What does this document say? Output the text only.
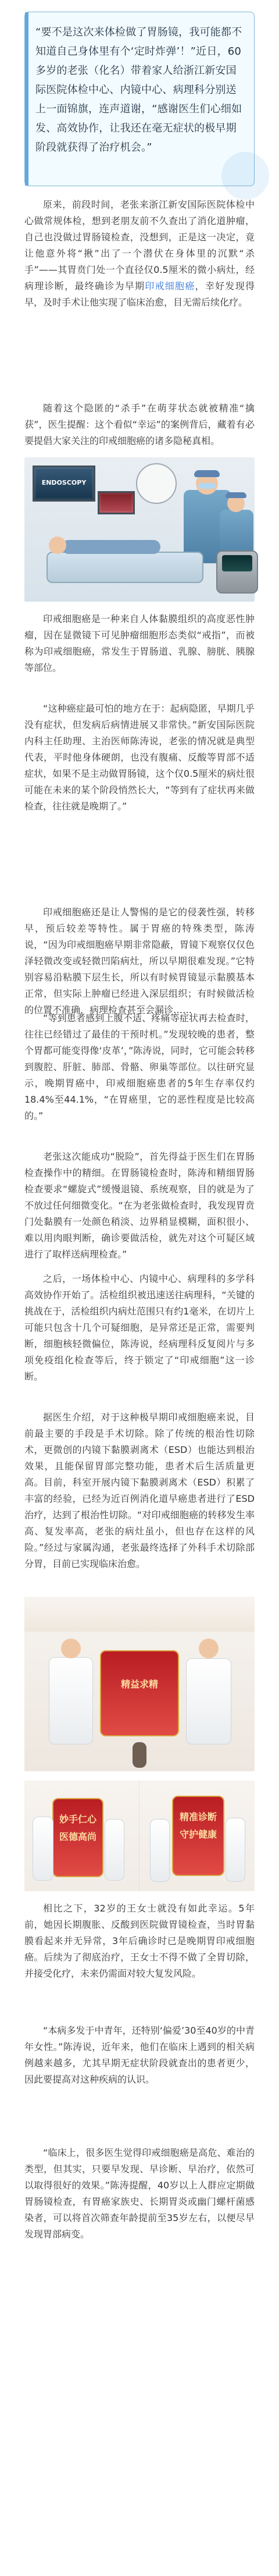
“要不是这次来体检做了胃肠镜，我可能都不知道自己身体里有个‘定时炸弹’！”近日，60多岁的老张（化名）带着家人给浙江新安国际医院体检中心、内镜中心、病理科分别送上一面锦旗，连声道谢，“感谢医生们心细如发、高效协作，让我还在毫无症状的极早期阶段就获得了治疗机会。”

原来，前段时间，老张来浙江新安国际医院体检中心做常规体检，想到老朋友前不久查出了消化道肿瘤，自己也没做过胃肠镜检查，没想到，正是这一决定，竟让他意外将“揪”出了一个潜伏在身体里的沉默“杀手”——其胃贲门处一个直径仅0.5厘米的微小病灶，经病理诊断，最终确诊为早期印戒细胞癌，幸好发现得早，及时手术让他实现了临床治愈，目无需后续化疗。

随着这个隐匿的“杀手”在萌芽状态就被精准“擒获”，医生提醒：这个看似“幸运”的案例背后，藏着有必要提倡大家关注的印戒细胞癌的诸多隐秘真相。

ENDOSCOPY

印戒细胞癌是一种来自人体黏膜组织的高度恶性肿瘤，因在显微镜下可见肿瘤细胞形态类似“戒指”，而被称为印戒细胞癌，常发生于胃肠道、乳腺、膀胱、胰腺等部位。

“这种癌症最可怕的地方在于：起病隐匿，早期几乎没有症状，但发病后病情进展又非常快。”新安国际医院内科主任助理、主治医师陈涛说，老张的情况就是典型代表，平时他身体硬朗，也没有腹痛、反酸等胃部不适症状，如果不是主动做胃肠镜，这个仅0.5厘米的病灶很可能在未来的某个阶段悄然长大，“等到有了症状再来做检查，往往就是晚期了。”

印戒细胞癌还是让人警惕的是它的侵袭性强，转移早，预后较差等特性。属于胃癌的特殊类型，陈涛说，“因为印戒细胞癌早期非常隐蔽，胃镜下观察仅仅色泽轻微改变或轻微凹陷病灶，所以早期很难发现。”它特别容易沿粘膜下层生长，所以有时候胃镜显示黏膜基本正常，但实际上肿瘤已经进入深层组织；有时候做活检的位置不准确，病理检查甚至会漏诊……

“等到患者感到上腹不适、疼痛等症状再去检查时，往往已经错过了最佳的干预时机。”发现较晚的患者，整个胃都可能变得像‘皮革’，”陈涛说，同时，它可能会转移到腹腔、肝脏、肺部、骨骼、卵巢等部位。以往研究显示，晚期胃癌中，印戒细胞癌患者的5年生存率仅约18.4%至44.1%，“在胃癌里，它的恶性程度是比较高的。”

老张这次能成功“脱险”，首先得益于医生们在胃肠检查操作中的精细。在胃肠镜检查时，陈涛和精细胃肠检查要求“螺旋式”缓慢退镜、系统观察，目的就是为了不放过任何细微变化。“在为老张做检查时，我发现胃贲门处黏膜有一处颜色稍淡、边界稍显模糊，面积很小、难以用肉眼判断，确诊要做活检，就先对这个可疑区域进行了取样送病理检查。”

之后，一场体检中心、内镜中心、病理科的多学科高效协作开始了。活检组织被迅速送往病理科，“关键的挑战在于，活检组织内病灶范围只有约1毫米，在切片上可能只包含十几个可疑细胞，是异常还是正常，需要判断，细胞核轻微偏位，陈涛说，经病理科反复阅片与多项免疫组化检查等后，终于锁定了“印戒细胞”这一诊断。

据医生介绍，对于这种极早期印戒细胞癌来说，目前最主要的手段是手术切除。除了传统的根治性切除术，更微创的内镜下黏膜剥离术（ESD）也能达到根治效果，且能保留胃部完整功能，患者术后生活质量更高。目前，科室开展内镜下黏膜剥离术（ESD）积累了丰富的经验，已经为近百例消化道早癌患者进行了ESD治疗，达到了根治性切除。“对印戒细胞癌的转移发生率高、复发率高，老张的病灶虽小，但也存在这样的风险。”经过与家属沟通，老张最终选择了外科手术切除部分胃，目前已实现临床治愈。

精益求精
妙手仁心
医德高尚
精准诊断
守护健康

相比之下，32岁的王女士就没有如此幸运。5年前，她因长期腹胀、反酸到医院做胃镜检查，当时胃黏膜看起来并无异常，3年后确诊时已是晚期胃印戒细胞癌。后续为了彻底治疗，王女士不得不做了全胃切除，并接受化疗，未来仍需面对较大复发风险。

“本病多发于中青年，还特别‘偏爱’30至40岁的中青年女性。”陈涛说，近年来，他们在临床上遇到的相关病例越来越多，尤其早期无症状阶段就查出的患者更少，因此要提高对这种疾病的认识。

“临床上，很多医生觉得印戒细胞癌是高危、难治的类型，但其实，只要早发现、早诊断、早治疗，依然可以取得很好的效果。”陈涛提醒，40岁以上人群应定期做胃肠镜检查，有胃癌家族史、长期胃炎或幽门螺杆菌感染者，可以将首次筛查年龄提前至35岁左右，以便尽早发现胃部病变。
